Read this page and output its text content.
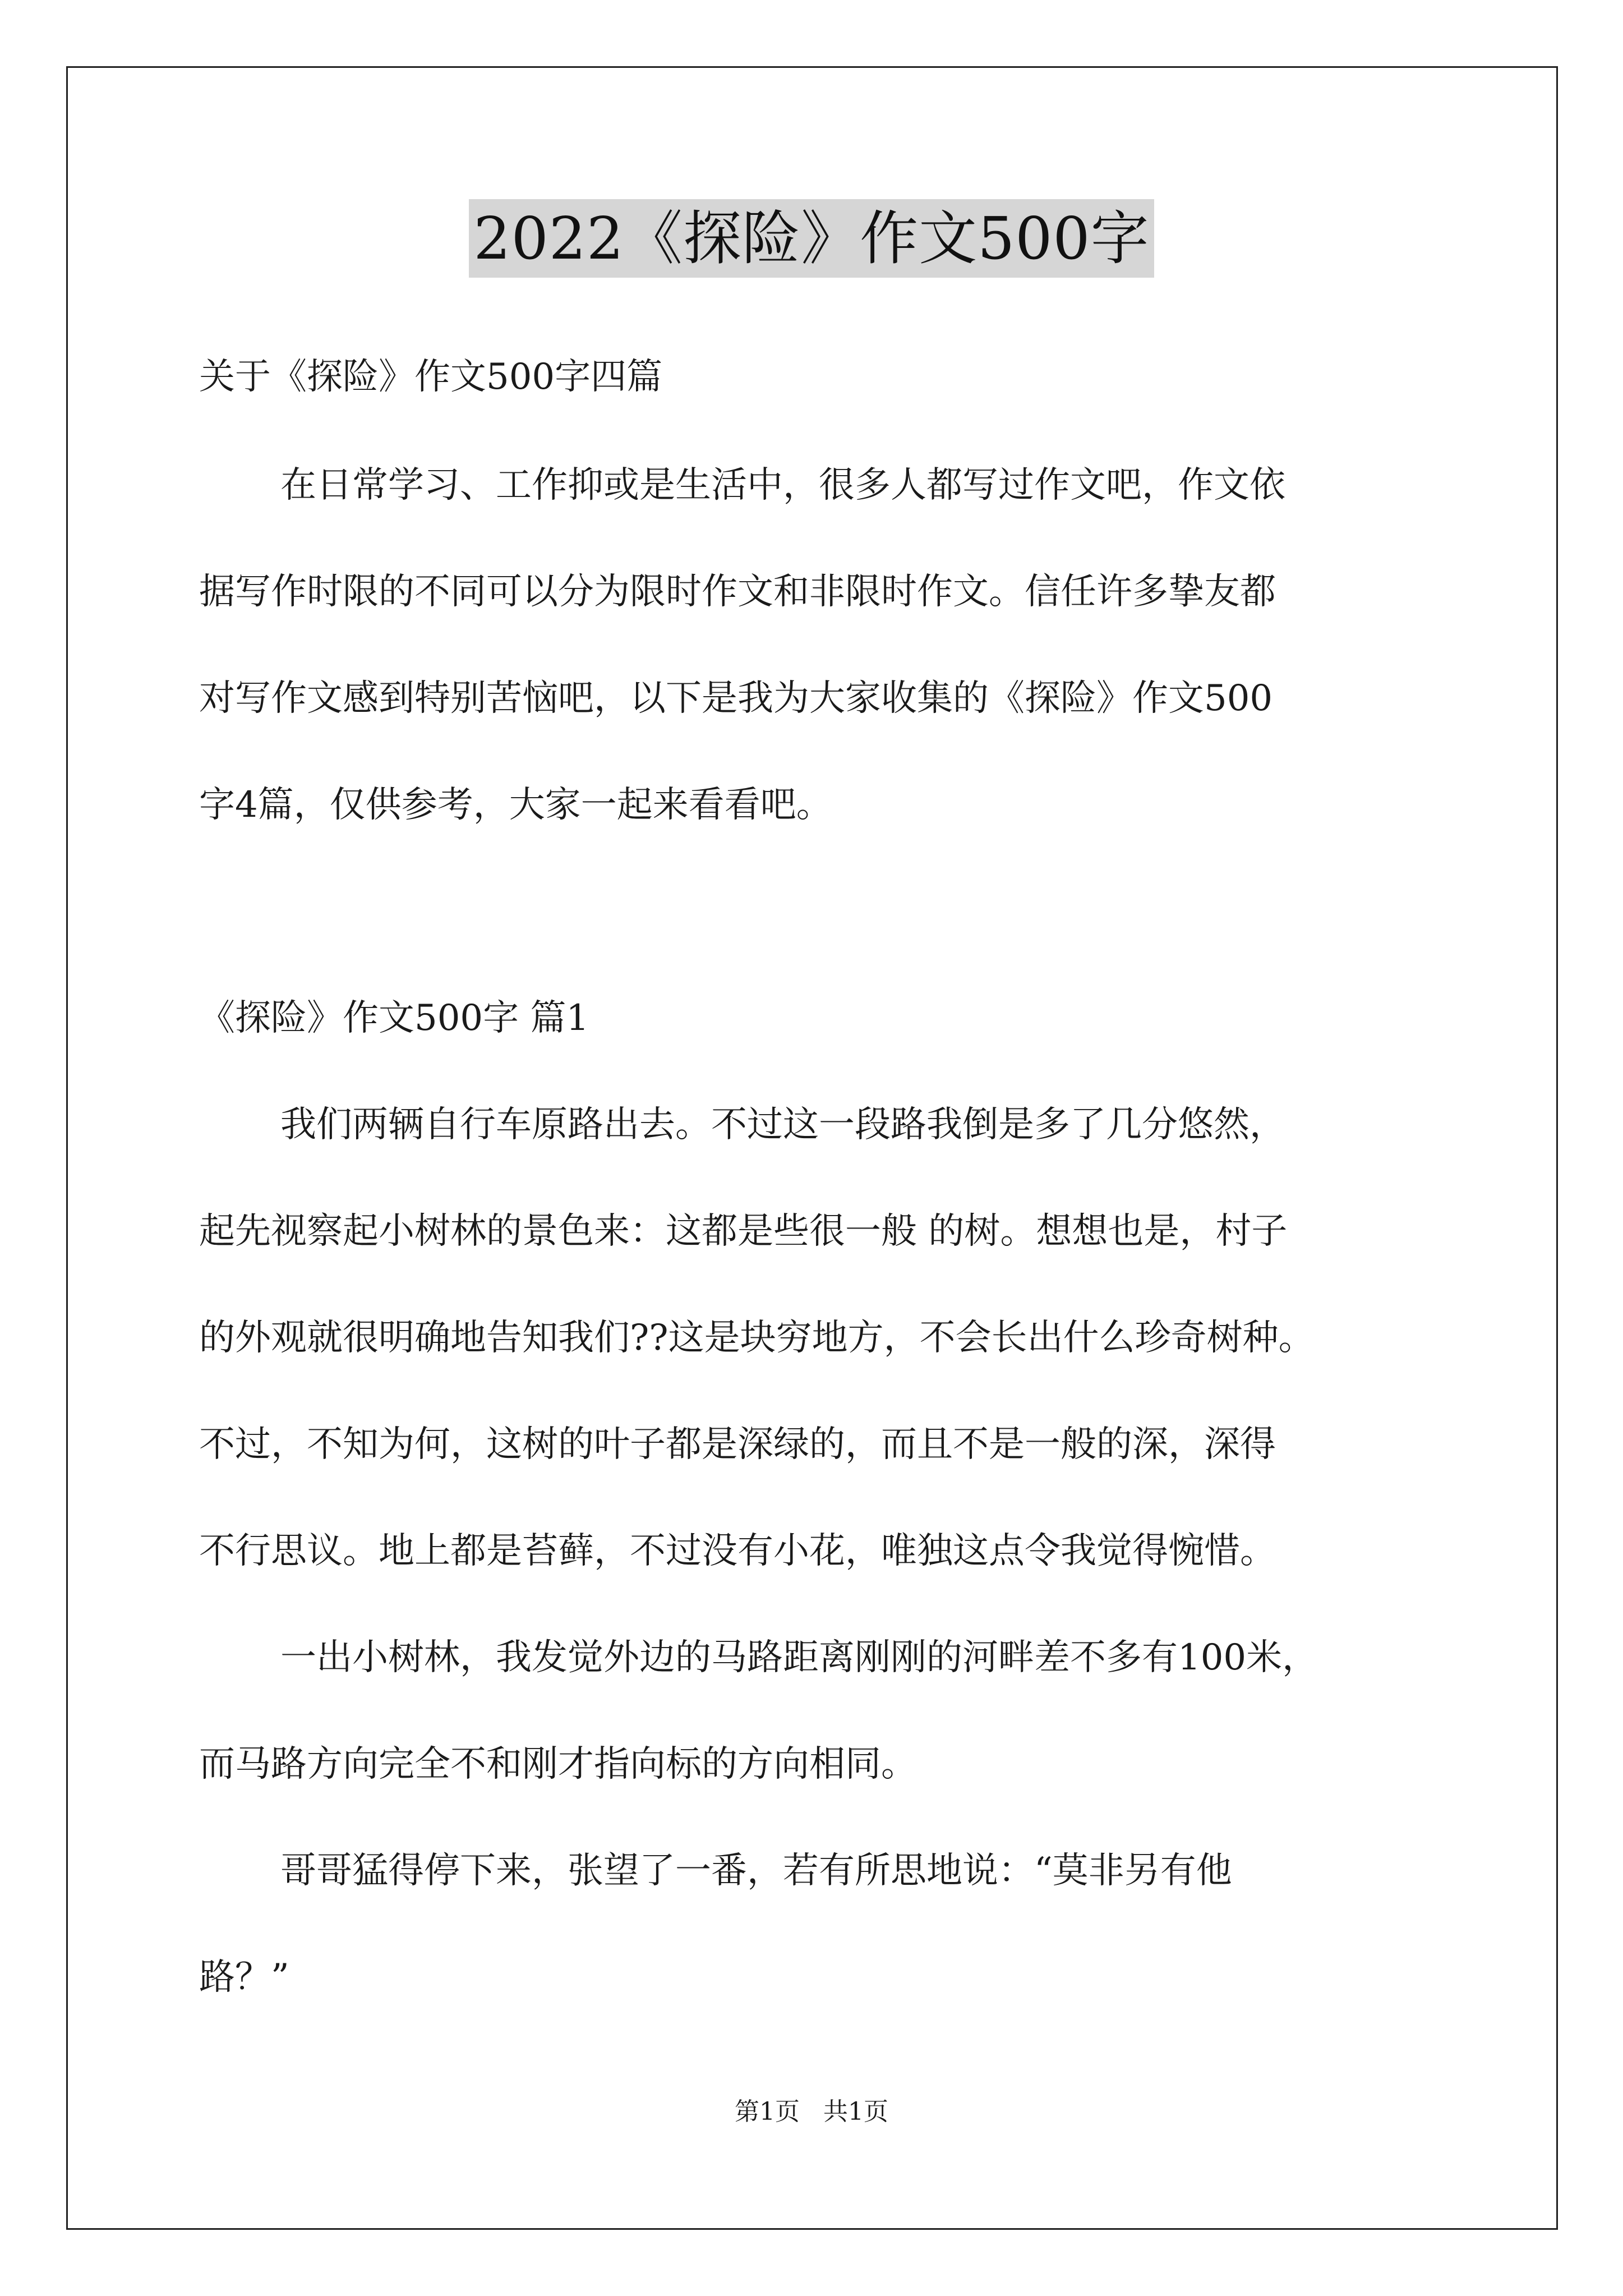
2022《探险》作文500字
关于《探险》作文500字四篇
在日常学习、工作抑或是生活中，很多人都写过作文吧，作文依
据写作时限的不同可以分为限时作文和非限时作文。信任许多挚友都
对写作文感到特别苦恼吧，以下是我为大家收集的《探险》作文500
字4篇，仅供参考，大家一起来看看吧。
《探险》作文500字 篇1
我们两辆自行车原路出去。不过这一段路我倒是多了几分悠然，
起先视察起小树林的景色来：这都是些很一般 的树。想想也是，村子
的外观就很明确地告知我们??这是块穷地方，不会长出什么珍奇树种。
不过，不知为何，这树的叶子都是深绿的，而且不是一般的深，深得
不行思议。地上都是苔藓，不过没有小花，唯独这点令我觉得惋惜。
一出小树林，我发觉外边的马路距离刚刚的河畔差不多有100米，
而马路方向完全不和刚才指向标的方向相同。
哥哥猛得停下来，张望了一番，若有所思地说：“莫非另有他
路？”
第1页   共1页
